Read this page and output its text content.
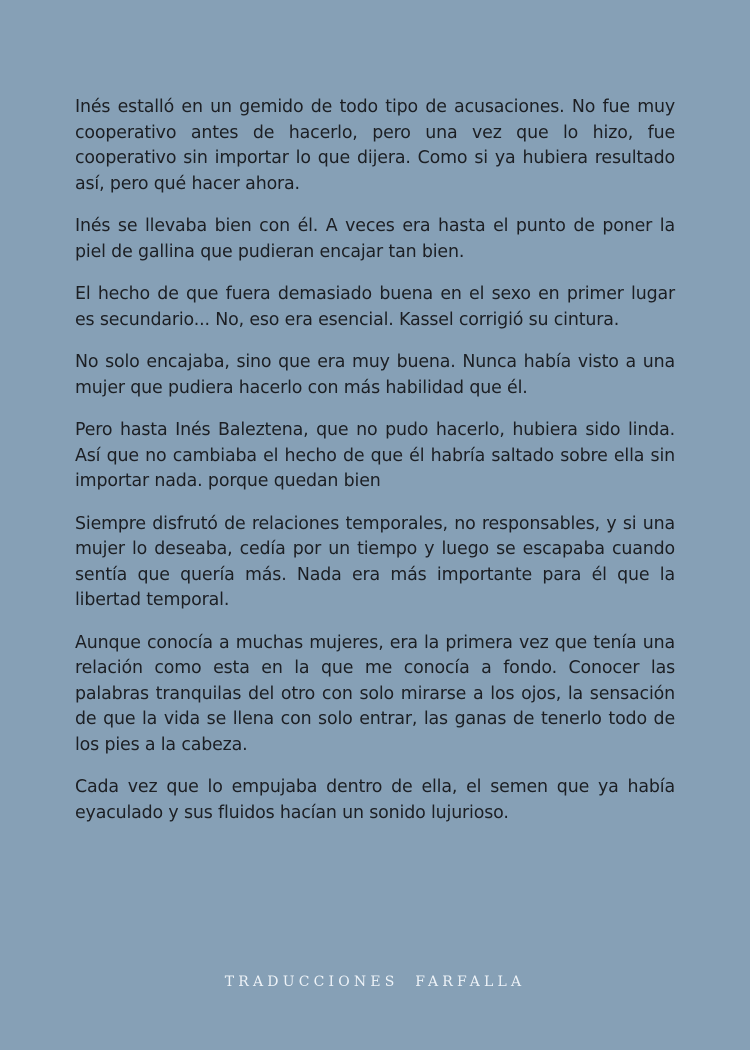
Inés estalló en un gemido de todo tipo de acusaciones. No fue muy cooperativo antes de hacerlo, pero una vez que lo hizo, fue cooperativo sin importar lo que dijera. Como si ya hubiera resultado así, pero qué hacer ahora.

Inés se llevaba bien con él. A veces era hasta el punto de poner la piel de gallina que pudieran encajar tan bien.

El hecho de que fuera demasiado buena en el sexo en primer lugar es secundario... No, eso era esencial. Kassel corrigió su cintura.

No solo encajaba, sino que era muy buena. Nunca había visto a una mujer que pudiera hacerlo con más habilidad que él.

Pero hasta Inés Baleztena, que no pudo hacerlo, hubiera sido linda. Así que no cambiaba el hecho de que él habría saltado sobre ella sin importar nada. porque quedan bien

Siempre disfrutó de relaciones temporales, no responsables, y si una mujer lo deseaba, cedía por un tiempo y luego se escapaba cuando sentía que quería más. Nada era más importante para él que la libertad temporal.

Aunque conocía a muchas mujeres, era la primera vez que tenía una relación como esta en la que me conocía a fondo. Conocer las palabras tranquilas del otro con solo mirarse a los ojos, la sensación de que la vida se llena con solo entrar, las ganas de tenerlo todo de los pies a la cabeza.

Cada vez que lo empujaba dentro de ella, el semen que ya había eyaculado y sus fluidos hacían un sonido lujurioso.

TRADUCCIONES FARFALLA
